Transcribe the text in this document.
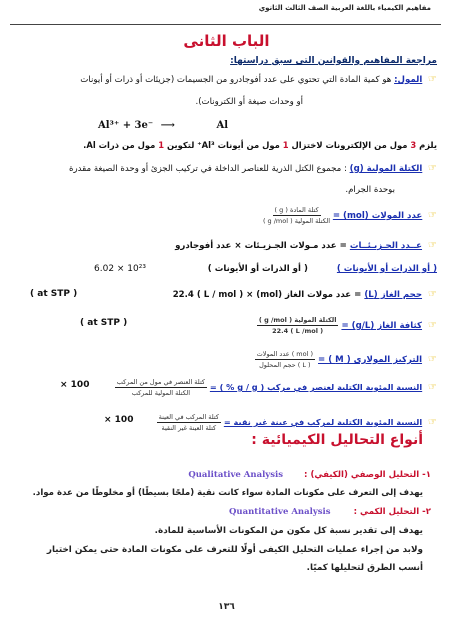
مفاهيم الكيمياء باللغة العربية الصف الثالث الثانوي
الباب الثانى
مراجعة المفاهيم والقوانين التى سبق دراستها:
☞ المول: هو كمية المادة التي تحتوي على عدد أفوجادرو من الجسيمات (جزيئات أو ذرات أو أيونات
أو وحدات صيغة أو الكترونات).
Al³⁺ + 3e⁻ ⟶	Al
يلزم 3 مول من الإلكترونات لاختزال 1 مول من أيونات Al³⁺ لتكوين 1 مول من ذرات Al.
☞ الكتلة المولية (g) : مجموع الكتل الذرية للعناصر الداخلة في تركيب الجزئ أو وحدة الصيغة مقدرة
بوحدة الجرام.
☞ عدد المولات (mol) =
$\frac{\text{كتلة المادة ( g )}}{\text{الكتلة المولية ( g /mol )}}$
☞ عــدد الجـزيـئــات = عدد مـولات الجـزيـئات × عدد أفوجادرو
( أو الذرات أو الأيونات ) ( أو الذرات أو الأيونات )
6.02 × 10²³
☞ حجم الغاز (L) = عدد مولات الغاز (mol) × 22.4 ( L / mol )
( at STP )
☞ كثافة الغاز (g/L) =
$\frac{\text{الكتلة المولية ( g /mol )}}{\text{( L /mol ) 22.4}}$
( at STP )
☞ التركيز المولارى ( M ) =
$\frac{\text{( mol ) عدد المولات}}{\text{( L ) حجم المحلول}}$
☞ النسبة المئوية الكتلية لعنصر في مركب ( g / g % ) =
$\frac{\text{كتلة العنصر في مول من المركب}}{\text{الكتلة المولية للمركب}}$
× 100
☞ النسبة المئوية الكتلية لمركب في عينة غير نقية =
$\frac{\text{كتلة المركب في العينة}}{\text{كتلة العينة غير النقية}}$
× 100
أنواع التحاليل الكيميائية :
١- التحليل الوصفي (الكيفي) : Qualitative Analysis
يهدف إلى التعرف على مكونات المادة سواء كانت نقية (ملحًا بسيطًا) أو مخلوطًا من عدة مواد.
٢- التحليل الكمي : Quantitative Analysis
يهدف إلى تقدير نسبة كل مكون من المكونات الأساسية للمادة.
ولابد من إجراء عمليات التحليل الكيفى أولًا للتعرف على مكونات المادة حتى يمكن اختيار
أنسب الطرق لتحليلها كميًا.
١٣٦
